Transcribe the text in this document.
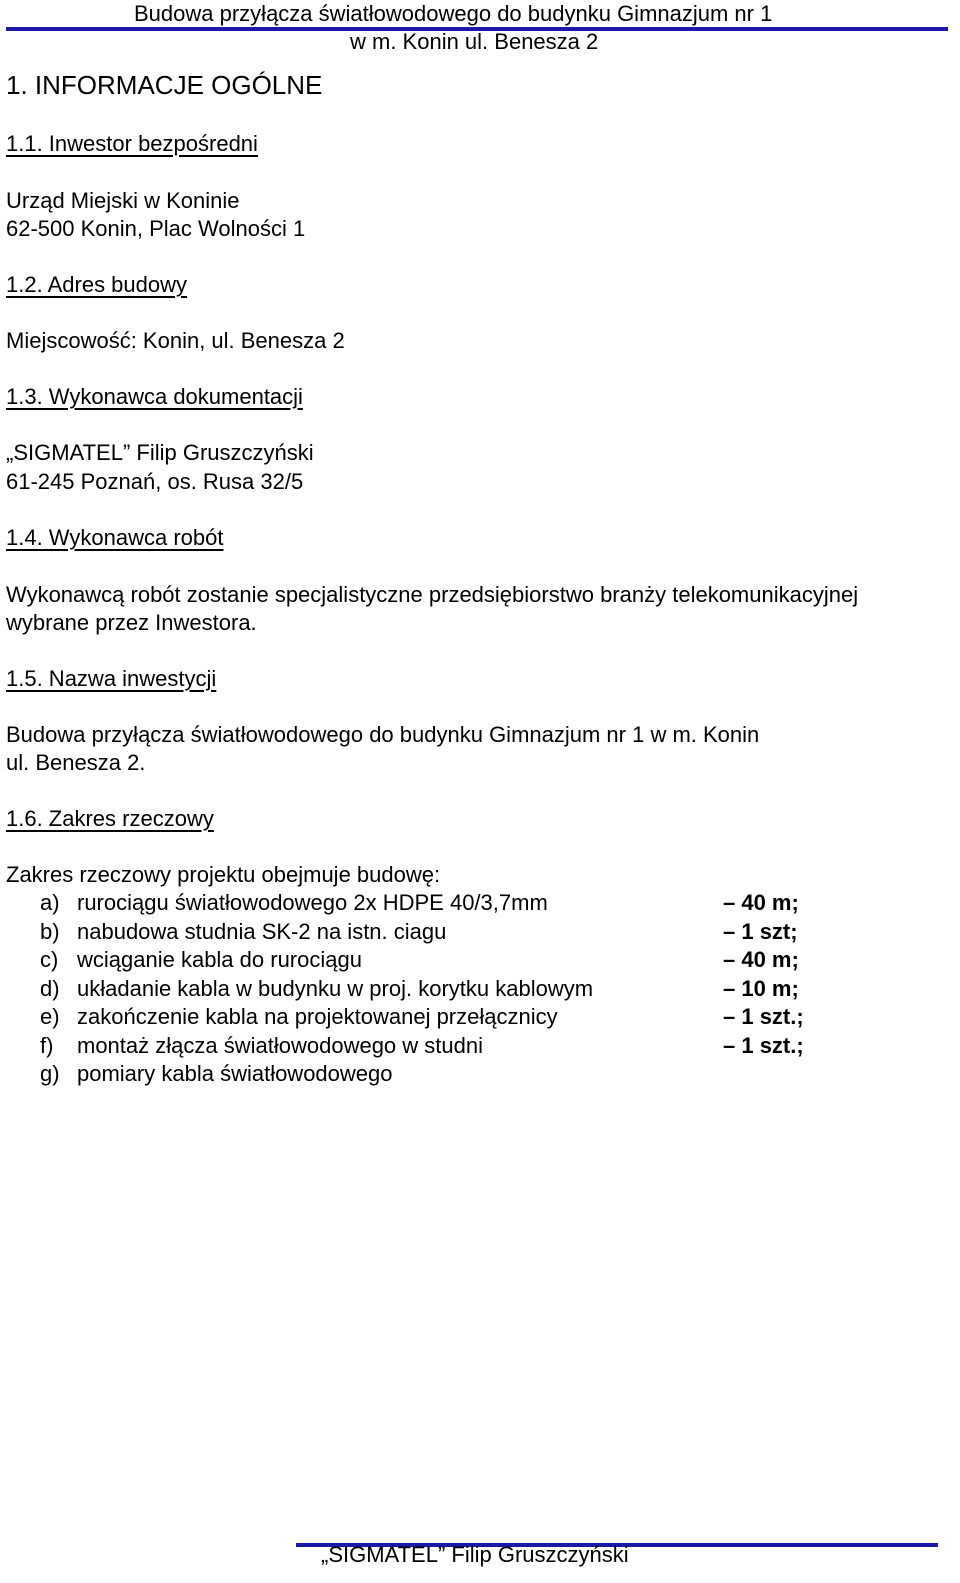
Budowa przyłącza światłowodowego do budynku Gimnazjum nr 1
w m. Konin ul. Benesza 2
1. INFORMACJE OGÓLNE
1.1. Inwestor bezpośredni
Urząd Miejski w Koninie
62-500 Konin, Plac Wolności 1
1.2. Adres budowy
Miejscowość: Konin, ul. Benesza 2
1.3. Wykonawca dokumentacji
„SIGMATEL” Filip Gruszczyński
61-245 Poznań, os. Rusa 32/5
1.4. Wykonawca robót
Wykonawcą robót zostanie specjalistyczne przedsiębiorstwo branży telekomunikacyjnej
wybrane przez Inwestora.
1.5. Nazwa inwestycji
Budowa przyłącza światłowodowego do budynku Gimnazjum nr 1 w m. Konin
ul. Benesza 2.
1.6. Zakres rzeczowy
Zakres rzeczowy projektu obejmuje budowę:
a) rurociągu światłowodowego 2x HDPE 40/3,7mm	– 40 m;
b) nabudowa studnia SK-2 na istn. ciagu	– 1 szt;
c) wciąganie kabla do rurociągu	– 40 m;
d) układanie kabla w budynku w proj. korytku kablowym	– 10 m;
e) zakończenie kabla na projektowanej przełącznicy	– 1 szt.;
f) montaż złącza światłowodowego w studni	– 1 szt.;
g) pomiary kabla światłowodowego
„SIGMATEL” Filip Gruszczyński
